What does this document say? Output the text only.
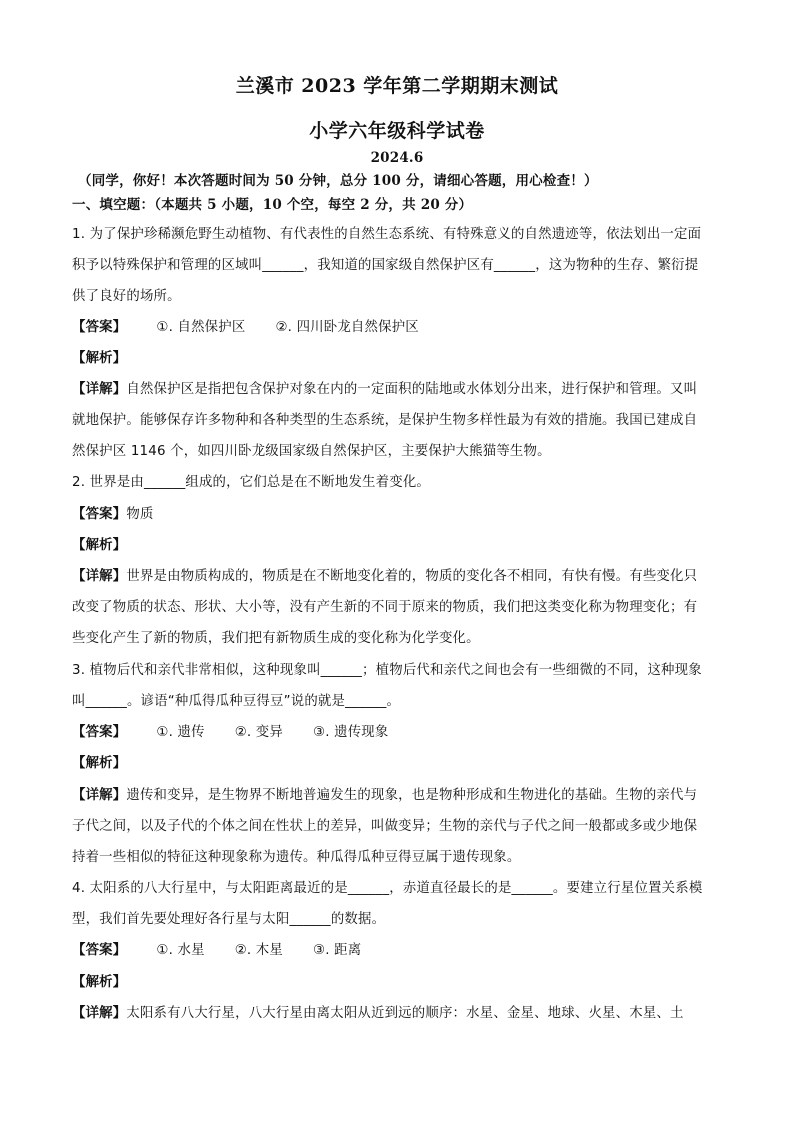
兰溪市 2023 学年第二学期期末测试
小学六年级科学试卷
2024.6
（同学，你好！本次答题时间为 50 分钟，总分 100 分，请细心答题，用心检查！）
一、填空题：（本题共 5 小题，10 个空，每空 2 分，共 20 分）
1. 为了保护珍稀濒危野生动植物、有代表性的自然生态系统、有特殊意义的自然遗迹等，依法划出一定面
积予以特殊保护和管理的区域叫______，我知道的国家级自然保护区有______，这为物种的生存、繁衍提
供了良好的场所。
【答案】 ①. 自然保护区 ②. 四川卧龙自然保护区
【解析】
【详解】自然保护区是指把包含保护对象在内的一定面积的陆地或水体划分出来，进行保护和管理。又叫
就地保护。能够保存许多物种和各种类型的生态系统，是保护生物多样性最为有效的措施。我国已建成自
然保护区 1146 个，如四川卧龙级国家级自然保护区，主要保护大熊猫等生物。
2. 世界是由______组成的，它们总是在不断地发生着变化。
【答案】物质
【解析】
【详解】世界是由物质构成的，物质是在不断地变化着的，物质的变化各不相同，有快有慢。有些变化只
改变了物质的状态、形状、大小等，没有产生新的不同于原来的物质，我们把这类变化称为物理变化；有
些变化产生了新的物质，我们把有新物质生成的变化称为化学变化。
3. 植物后代和亲代非常相似，这种现象叫______；植物后代和亲代之间也会有一些细微的不同，这种现象
叫______。谚语“种瓜得瓜种豆得豆”说的就是______。
【答案】 ①. 遗传 ②. 变异 ③. 遗传现象
【解析】
【详解】遗传和变异，是生物界不断地普遍发生的现象，也是物种形成和生物进化的基础。生物的亲代与
子代之间，以及子代的个体之间在性状上的差异，叫做变异；生物的亲代与子代之间一般都或多或少地保
持着一些相似的特征这种现象称为遗传。种瓜得瓜种豆得豆属于遗传现象。
4. 太阳系的八大行星中，与太阳距离最近的是______，赤道直径最长的是______。要建立行星位置关系模
型，我们首先要处理好各行星与太阳______的数据。
【答案】 ①. 水星 ②. 木星 ③. 距离
【解析】
【详解】太阳系有八大行星，八大行星由离太阳从近到远的顺序：水星、金星、地球、火星、木星、土
